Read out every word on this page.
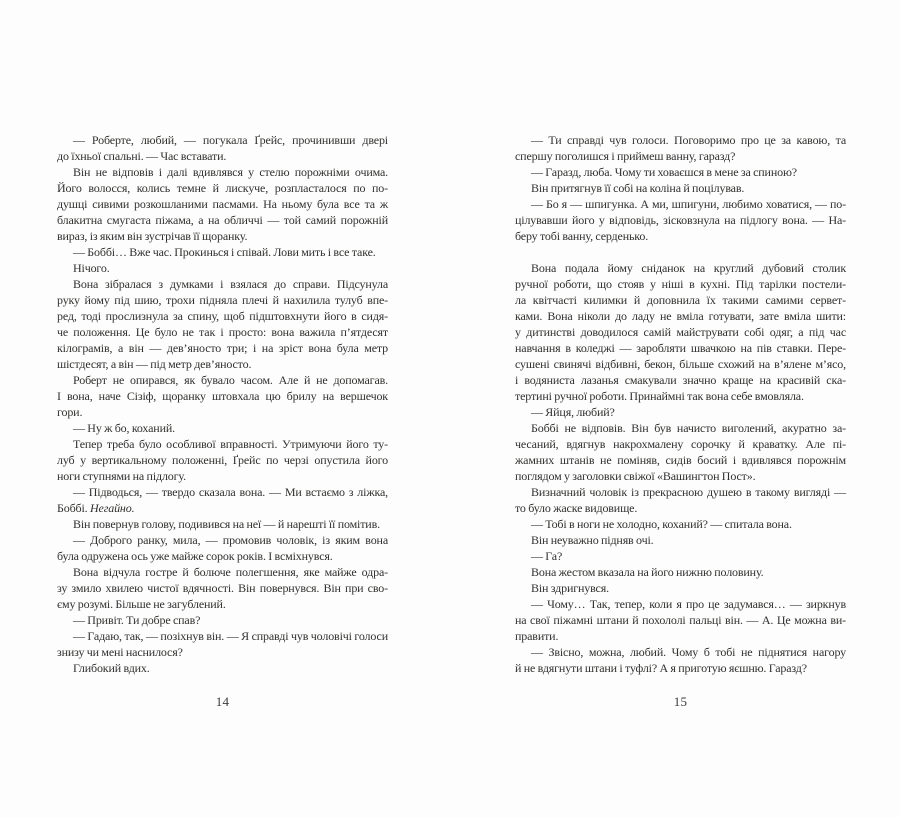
— Роберте, любий, — погукала Ґрейс, прочинивши двері
до їхньої спальні. — Час вставати.
Він не відповів і далі вдивлявся у стелю порожніми очима.
Його волосся, колись темне й лискуче, розпласталося по по-
душці сивими розкошланими пасмами. На ньому була все та ж
блакитна смугаста піжама, а на обличчі — той самий порожній
вираз, із яким він зустрічав її щоранку.
— Боббі… Вже час. Прокинься і співай. Лови мить і все таке.
Нічого.
Вона зібралася з думками і взялася до справи. Підсунула
руку йому під шию, трохи підняла плечі й нахилила тулуб впе-
ред, тоді прослизнула за спину, щоб підштовхнути його в сидя-
че положення. Це було не так і просто: вона важила п’ятдесят
кілограмів, а він — дев’яносто три; і на зріст вона була метр
шістдесят, а він — під метр дев’яносто.
Роберт не опирався, як бувало часом. Але й не допомагав.
І вона, наче Сізіф, щоранку штовхала цю брилу на вершечок
гори.
— Ну ж бо, коханий.
Тепер треба було особливої вправності. Утримуючи його ту-
луб у вертикальному положенні, Ґрейс по черзі опустила його
ноги ступнями на підлогу.
— Підводься, — твердо сказала вона. — Ми встаємо з ліжка,
Боббі. Негайно.
Він повернув голову, подивився на неї — й нарешті її помітив.
— Доброго ранку, мила, — промовив чоловік, із яким вона
була одружена ось уже майже сорок років. І всміхнувся.
Вона відчула гостре й болюче полегшення, яке майже одра-
зу змило хвилею чистої вдячності. Він повернувся. Він при сво-
єму розумі. Більше не загублений.
— Привіт. Ти добре спав?
— Гадаю, так, — позіхнув він. — Я справді чув чоловічі голоси
знизу чи мені наснилося?
Глибокий вдих.
— Ти справді чув голоси. Поговоримо про це за кавою, та
спершу поголишся і приймеш ванну, гаразд?
— Гаразд, люба. Чому ти ховаєшся в мене за спиною?
Він притягнув її собі на коліна й поцілував.
— Бо я — шпигунка. А ми, шпигуни, любимо ховатися, — по-
цілувавши його у відповідь, зісковзнула на підлогу вона. — На-
беру тобі ванну, серденько.
Вона подала йому сніданок на круглий дубовий столик
ручної роботи, що стояв у ніші в кухні. Під тарілки постели-
ла квітчасті килимки й доповнила їх такими самими сервет-
ками. Вона ніколи до ладу не вміла готувати, зате вміла шити:
у дитинстві доводилося самій майструвати собі одяг, а під час
навчання в коледжі — заробляти швачкою на пів ставки. Пере-
сушені свинячі відбивні, бекон, більше схожий на в’ялене м’ясо,
і водяниста лазанья смакували значно краще на красивій ска-
тертині ручної роботи. Принаймні так вона себе вмовляла.
— Яйця, любий?
Боббі не відповів. Він був начисто виголений, акуратно за-
чесаний, вдягнув накрохмалену сорочку й краватку. Але пі-
жамних штанів не поміняв, сидів босий і вдивлявся порожнім
поглядом у заголовки свіжої «Вашингтон Пост».
Визначний чоловік із прекрасною душею в такому вигляді —
то було жаске видовище.
— Тобі в ноги не холодно, коханий? — спитала вона.
Він неуважно підняв очі.
— Га?
Вона жестом вказала на його нижню половину.
Він здригнувся.
— Чому… Так, тепер, коли я про це задумався… — зиркнув
на свої піжамні штани й похололі пальці він. — А. Це можна ви-
правити.
— Звісно, можна, любий. Чому б тобі не піднятися нагору
й не вдягнути штани і туфлі? А я приготую яєшню. Гаразд?
14	15
